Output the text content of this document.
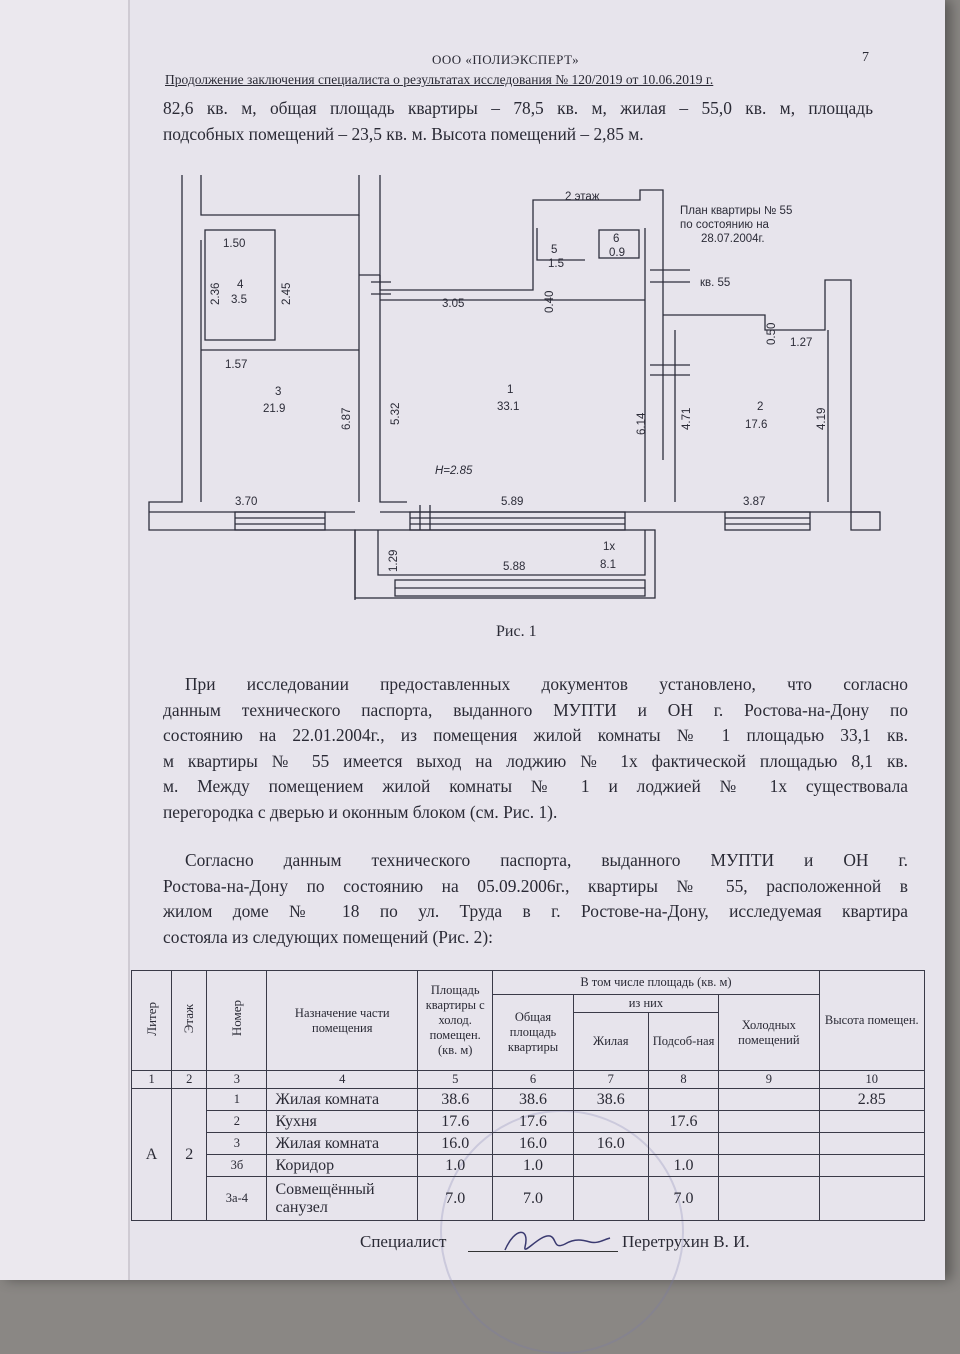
ООО «ПОЛИЭКСПЕРТ»	7
Продолжение заключения специалиста о результатах исследования № 120/2019 от 10.06.2019 г.
82,6 кв. м, общая площадь квартиры – 78,5 кв. м, жилая – 55,0 кв. м, площадь
подсобных помещений – 23,5 кв. м. Высота помещений – 2,85 м.
2 этаж
План квартиры № 55
по состоянию на
28.07.2004г.
кв. 55
1.50
2.36 4
3.5	2.45
1.57
3
21.9	6.87
3.70
5.32
3.05	0.40
5
1.5
6
0.9
1
33.1
H=2.85
5.89
6.14	4.71
0.50 1.27
2
17.6	4.19
3.87
1.29
1х
8.1
5.88
Рис. 1
При исследовании предоставленных документов установлено, что согласно
данным технического паспорта, выданного МУПТИ и ОН г. Ростова-на-Дону по
состоянию на 22.01.2004г., из помещения жилой комнаты № 1 площадью 33,1 кв.
м квартиры № 55 имеется выход на лоджию № 1х фактической площадью 8,1 кв.
м. Между помещением жилой комнаты № 1 и лоджией № 1х существовала
перегородка с дверью и оконным блоком (см. Рис. 1).
Согласно данным технического паспорта, выданного МУПТИ и ОН г.
Ростова-на-Дону по состоянию на 05.09.2006г., квартиры № 55, расположенной в
жилом доме № 18 по ул. Труда в г. Ростове-на-Дону, исследуемая квартира
состояла из следующих помещений (Рис. 2):
Литер	Этаж	Номер	Назначение части помещения	Площадь квартиры с холод. помещен. (кв. м)	В том числе площадь (кв. м)				Высота помещен.
					Общая площадь квартиры	из них		Холодных помещений	
						Жилая	Подсоб-ная		
1	2	3	4	5	6	7	8	9	10
А	2	1	Жилая комната	38.6	38.6	38.6			2.85
		2	Кухня	17.6	17.6		17.6		
		3	Жилая комната	16.0	16.0	16.0			
		3б	Коридор	1.0	1.0		1.0		
		3а-4	Совмещённый санузел	7.0	7.0		7.0		
Специалист	Перетрухин В. И.
